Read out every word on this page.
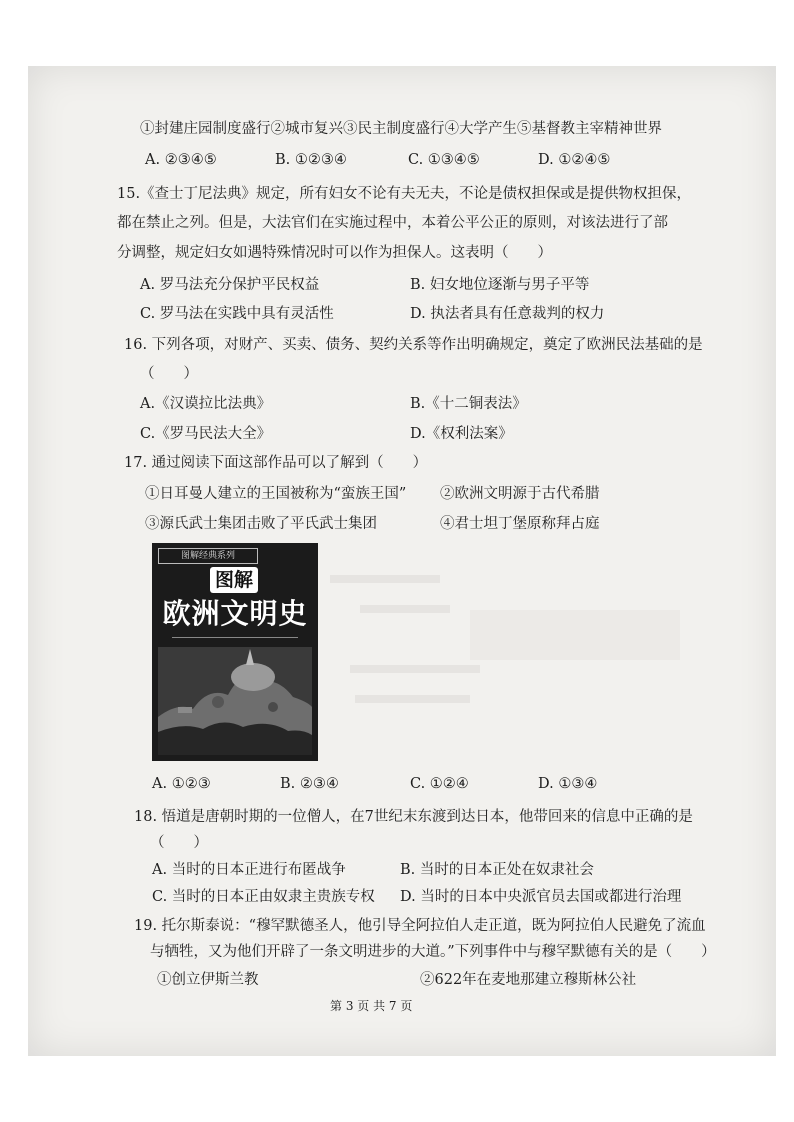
①封建庄园制度盛行②城市复兴③民主制度盛行④大学产生⑤基督教主宰精神世界
A. ②③④⑤	B. ①②③④	C. ①③④⑤	D. ①②④⑤
15.《查士丁尼法典》规定，所有妇女不论有夫无夫，不论是债权担保或是提供物权担保，
都在禁止之列。但是，大法官们在实施过程中，本着公平公正的原则，对该法进行了部
分调整，规定妇女如遇特殊情况时可以作为担保人。这表明（　　）
A. 罗马法充分保护平民权益	B. 妇女地位逐渐与男子平等
C. 罗马法在实践中具有灵活性	D. 执法者具有任意裁判的权力
16. 下列各项，对财产、买卖、债务、契约关系等作出明确规定，奠定了欧洲民法基础的是
（　　）
A.《汉谟拉比法典》	B.《十二铜表法》
C.《罗马民法大全》	D.《权利法案》
17. 通过阅读下面这部作品可以了解到（　　）
①日耳曼人建立的王国被称为“蛮族王国” ②欧洲文明源于古代希腊
③源氏武士集团击败了平氏武士集团	④君士坦丁堡原称拜占庭
图解经典系列
图解
欧洲文明史
A. ①②③	B. ②③④	C. ①②④	D. ①③④
18. 悟道是唐朝时期的一位僧人，在7世纪末东渡到达日本，他带回来的信息中正确的是
（　　）
A. 当时的日本正进行布匿战争	B. 当时的日本正处在奴隶社会
C. 当时的日本正由奴隶主贵族专权 D. 当时的日本中央派官员去国或都进行治理
19. 托尔斯泰说：“穆罕默德圣人，他引导全阿拉伯人走正道，既为阿拉伯人民避免了流血
与牺牲，又为他们开辟了一条文明进步的大道。”下列事件中与穆罕默德有关的是（　　）
①创立伊斯兰教	②622年在麦地那建立穆斯林公社
第 3 页 共 7 页
